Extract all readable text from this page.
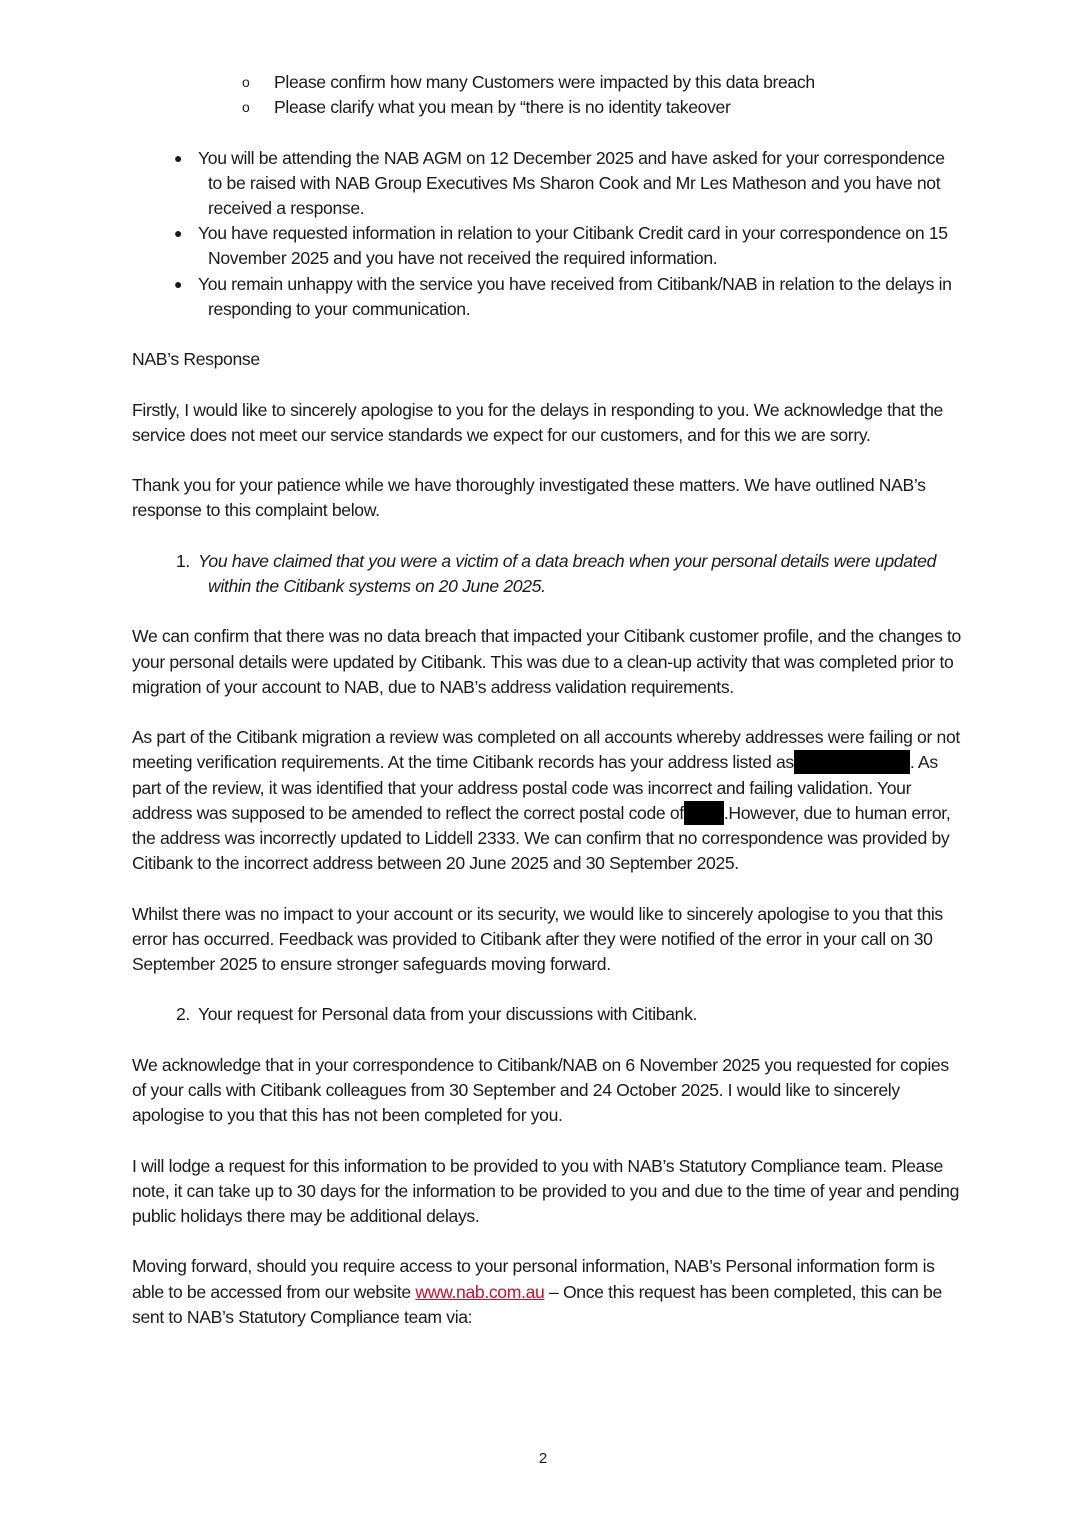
o Please confirm how many Customers were impacted by this data breach

o Please clarify what you mean by “there is no identity takeover

● You will be attending the NAB AGM on 12 December 2025 and have asked for your correspondence to be raised with NAB Group Executives Ms Sharon Cook and Mr Les Matheson and you have not received a response.

● You have requested information in relation to your Citibank Credit card in your correspondence on 15 November 2025 and you have not received the required information.

● You remain unhappy with the service you have received from Citibank/NAB in relation to the delays in responding to your communication.

NAB’s Response

Firstly, I would like to sincerely apologise to you for the delays in responding to you. We acknowledge that the service does not meet our service standards we expect for our customers, and for this we are sorry.

Thank you for your patience while we have thoroughly investigated these matters. We have outlined NAB’s response to this complaint below.

1. You have claimed that you were a victim of a data breach when your personal details were updated within the Citibank systems on 20 June 2025.

We can confirm that there was no data breach that impacted your Citibank customer profile, and the changes to your personal details were updated by Citibank. This was due to a clean-up activity that was completed prior to migration of your account to NAB, due to NAB’s address validation requirements.

As part of the Citibank migration a review was completed on all accounts whereby addresses were failing or not meeting verification requirements. At the time Citibank records has your address listed as	. As part of the review, it was identified that your address postal code was incorrect and failing validation. Your address was supposed to be amended to reflect the correct postal code of .However, due to human error, the address was incorrectly updated to Liddell 2333. We can confirm that no correspondence was provided by Citibank to the incorrect address between 20 June 2025 and 30 September 2025.

Whilst there was no impact to your account or its security, we would like to sincerely apologise to you that this error has occurred. Feedback was provided to Citibank after they were notified of the error in your call on 30 September 2025 to ensure stronger safeguards moving forward.

2. Your request for Personal data from your discussions with Citibank.

We acknowledge that in your correspondence to Citibank/NAB on 6 November 2025 you requested for copies of your calls with Citibank colleagues from 30 September and 24 October 2025. I would like to sincerely apologise to you that this has not been completed for you.

I will lodge a request for this information to be provided to you with NAB’s Statutory Compliance team. Please note, it can take up to 30 days for the information to be provided to you and due to the time of year and pending public holidays there may be additional delays.

Moving forward, should you require access to your personal information, NAB’s Personal information form is able to be accessed from our website www.nab.com.au – Once this request has been completed, this can be sent to NAB’s Statutory Compliance team via:

2
